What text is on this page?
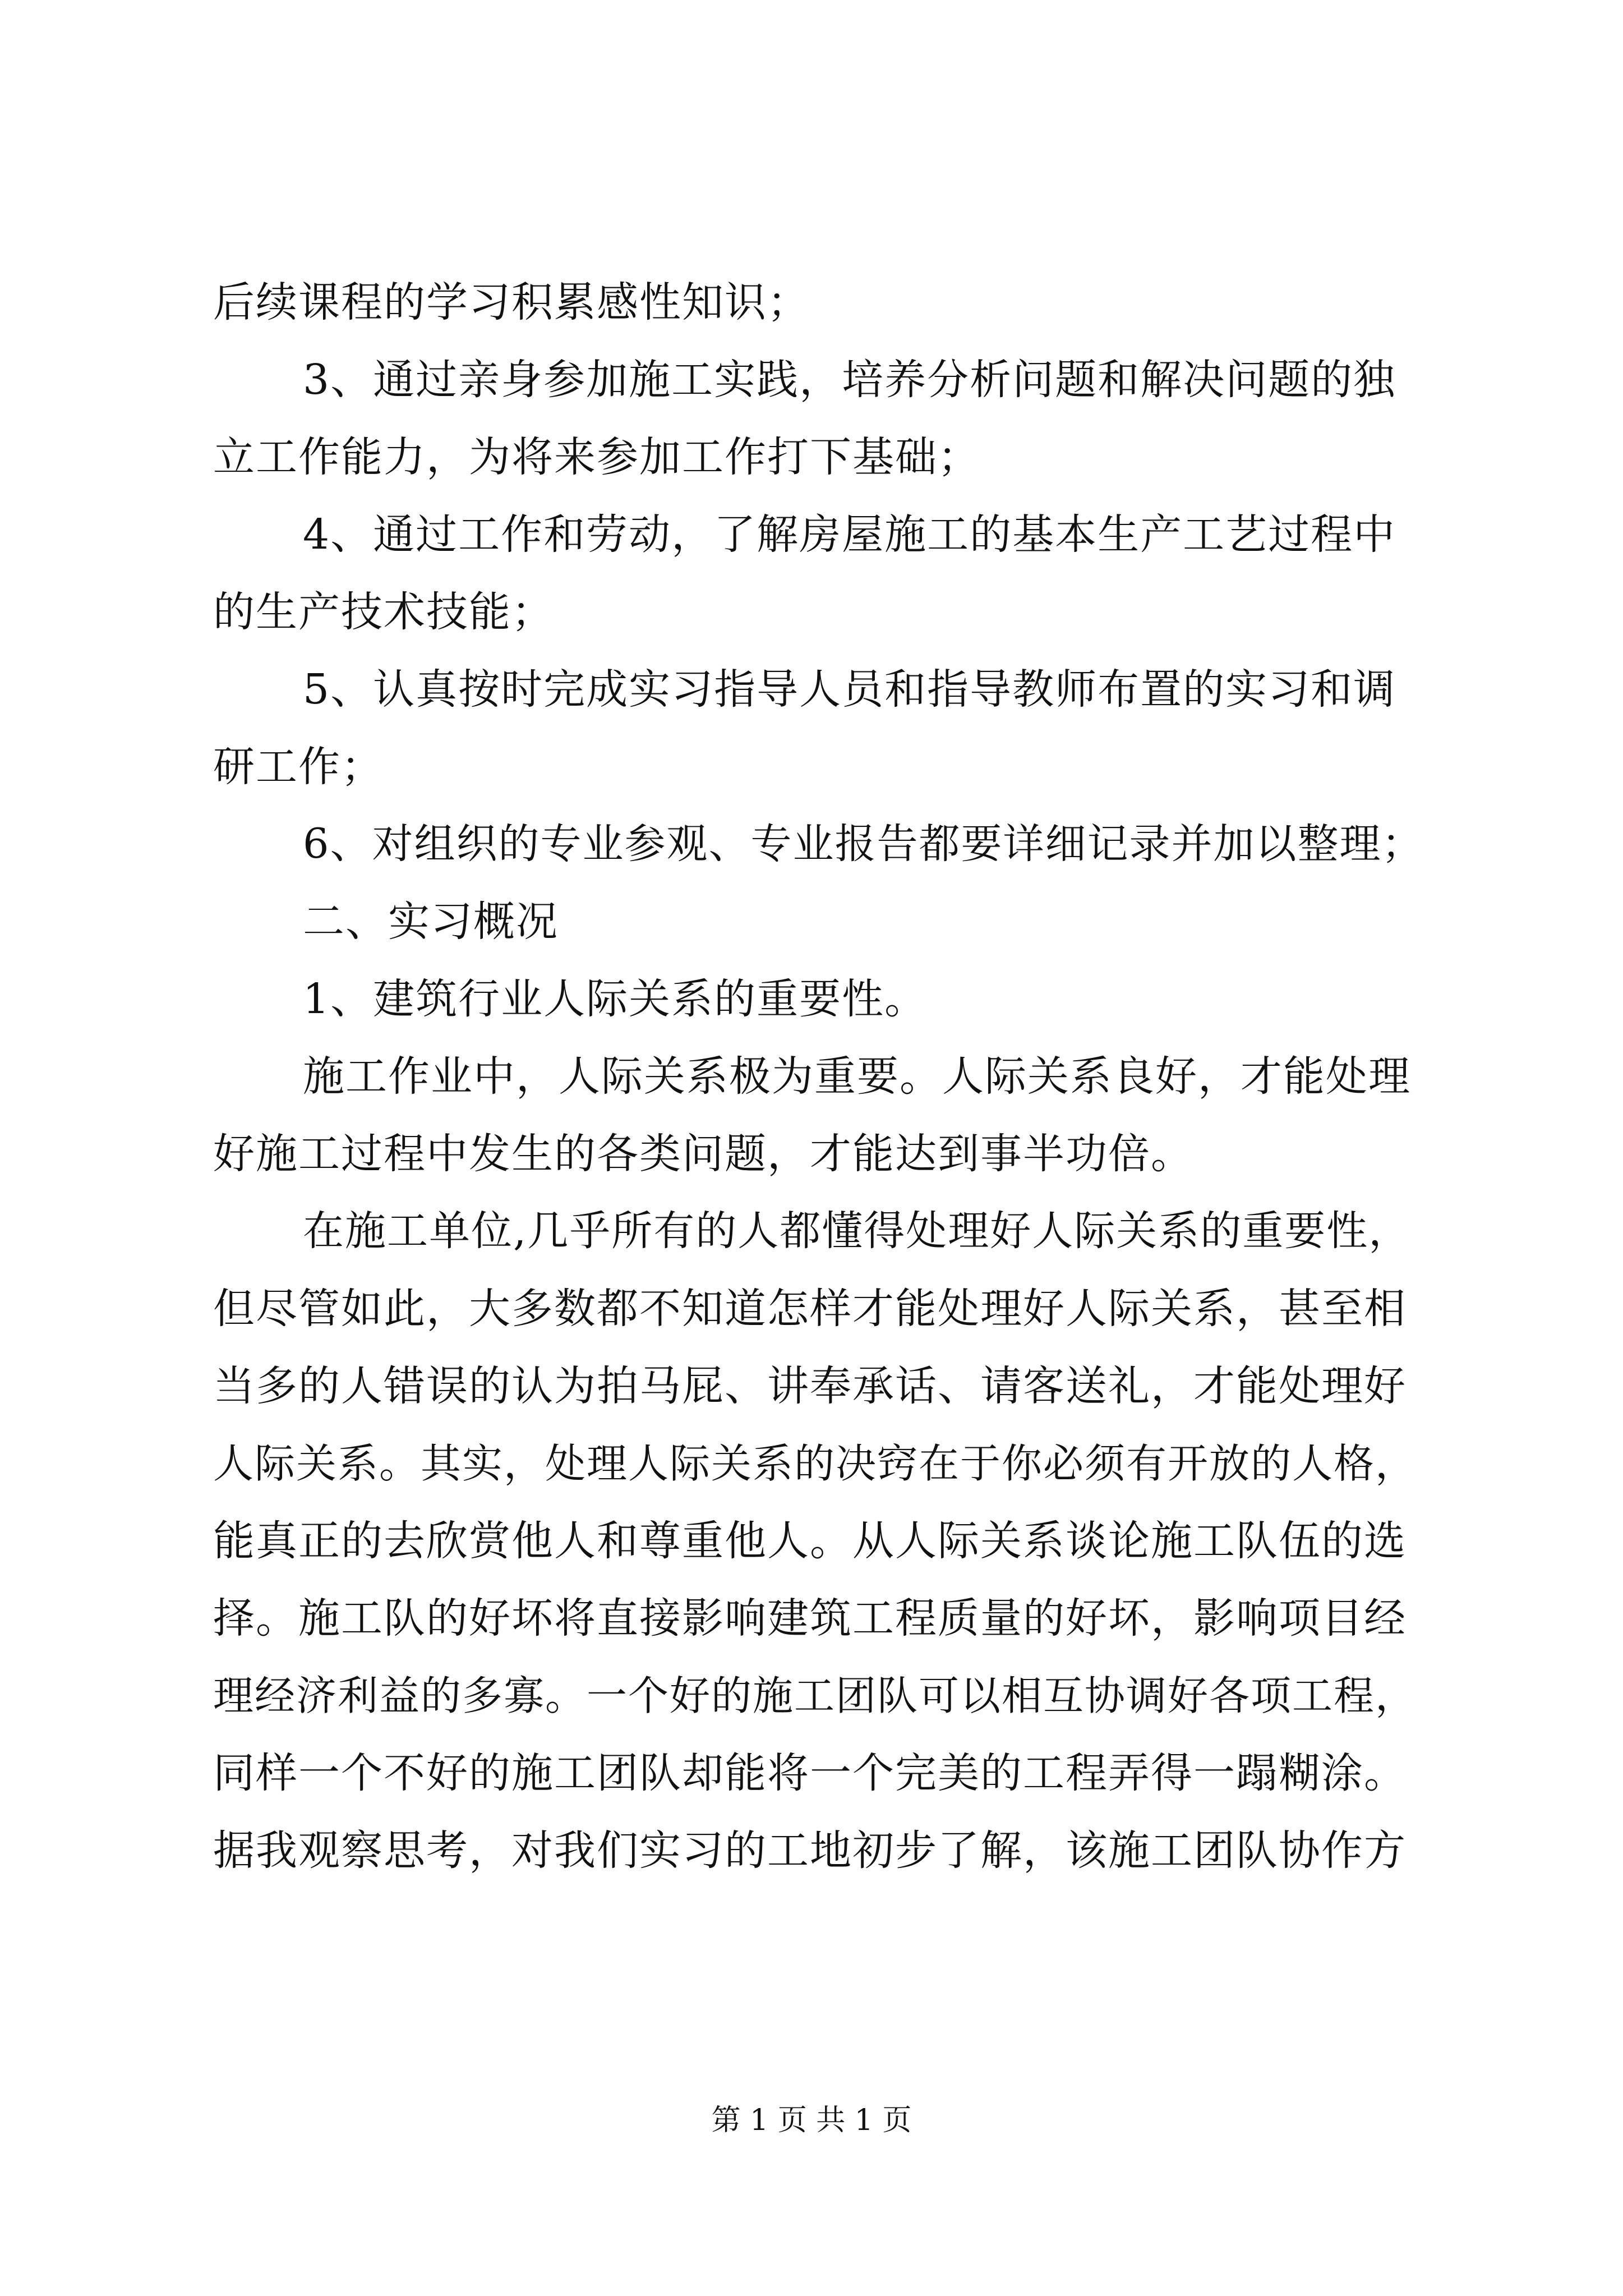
后续课程的学习积累感性知识；
3、通过亲身参加施工实践，培养分析问题和解决问题的独
立工作能力，为将来参加工作打下基础；
4、通过工作和劳动，了解房屋施工的基本生产工艺过程中
的生产技术技能；
5、认真按时完成实习指导人员和指导教师布置的实习和调
研工作；
6、对组织的专业参观、专业报告都要详细记录并加以整理；
二、实习概况
1、建筑行业人际关系的重要性。
施工作业中，人际关系极为重要。人际关系良好，才能处理
好施工过程中发生的各类问题，才能达到事半功倍。
在施工单位,几乎所有的人都懂得处理好人际关系的重要性，
但尽管如此，大多数都不知道怎样才能处理好人际关系，甚至相
当多的人错误的认为拍马屁、讲奉承话、请客送礼，才能处理好
人际关系。其实，处理人际关系的决窍在于你必须有开放的人格，
能真正的去欣赏他人和尊重他人。从人际关系谈论施工队伍的选
择。施工队的好坏将直接影响建筑工程质量的好坏，影响项目经
理经济利益的多寡。一个好的施工团队可以相互协调好各项工程，
同样一个不好的施工团队却能将一个完美的工程弄得一蹋糊涂。
据我观察思考，对我们实习的工地初步了解，该施工团队协作方
第 1 页 共 1 页
